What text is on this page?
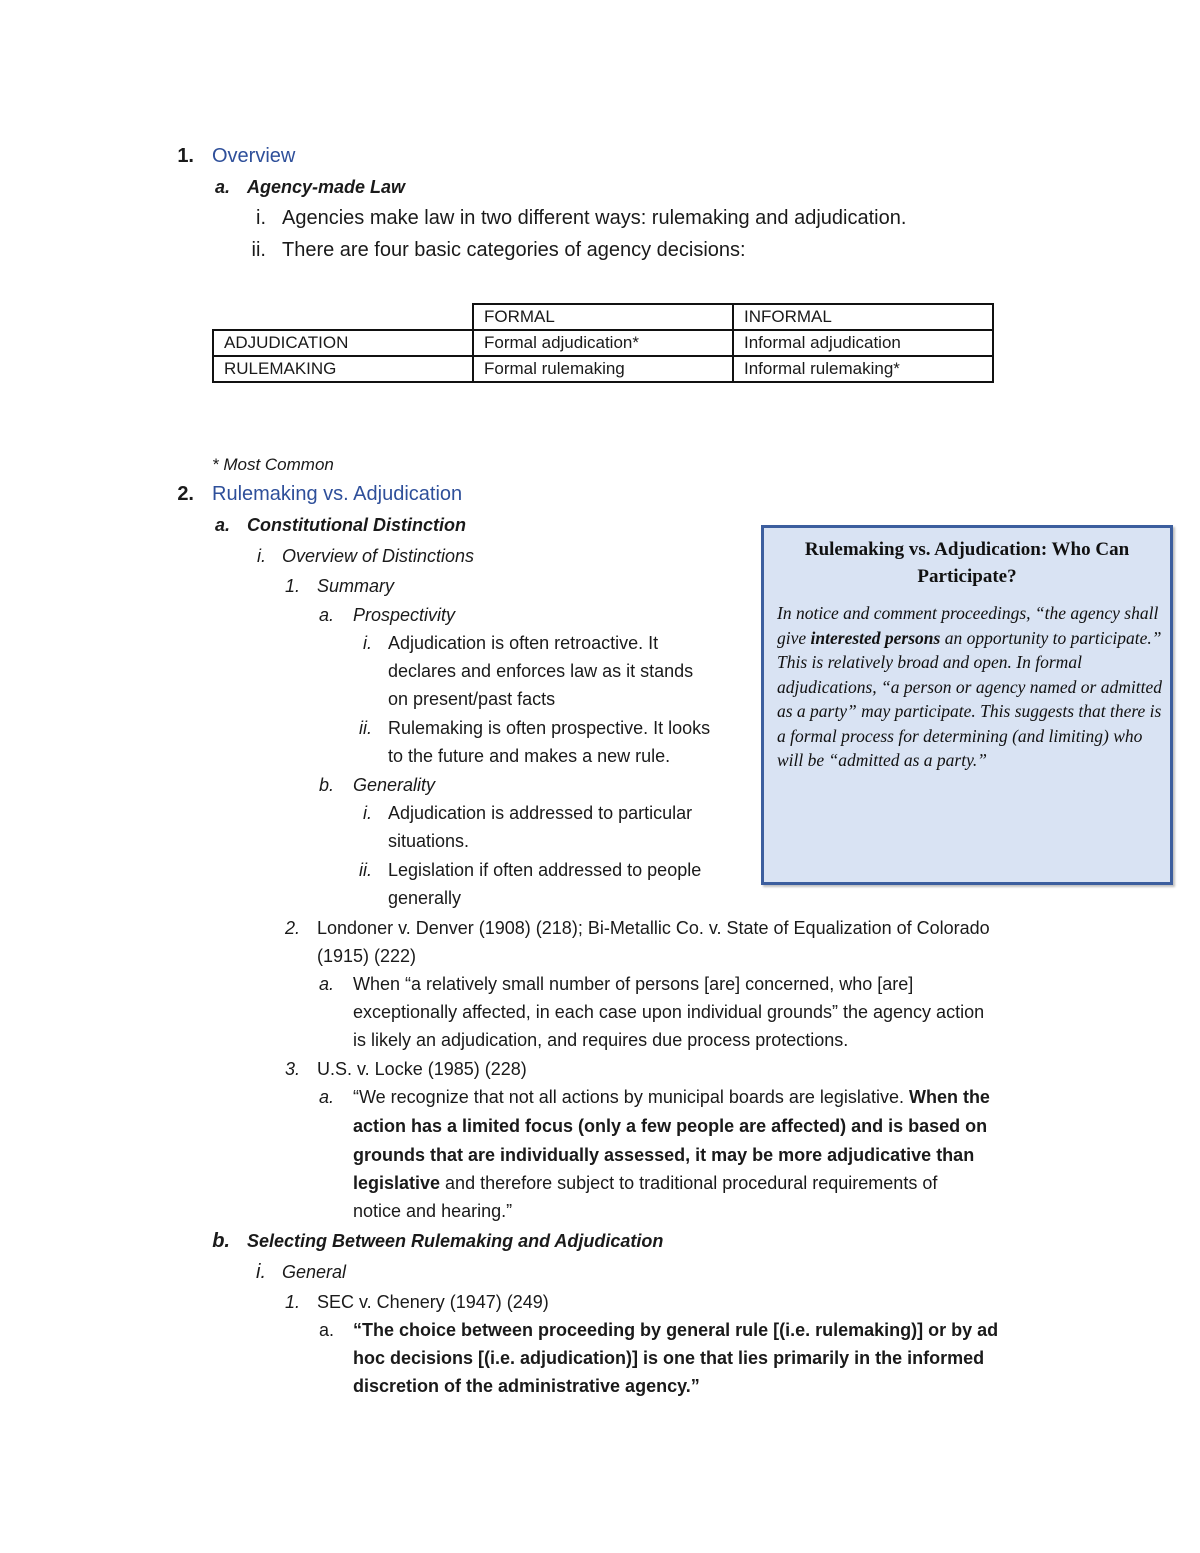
1. Overview
a. Agency-made Law
i. Agencies make law in two different ways: rulemaking and adjudication.
ii. There are four basic categories of agency decisions:
	FORMAL	INFORMAL
ADJUDICATION	Formal adjudication*	Informal adjudication
RULEMAKING	Formal rulemaking	Informal rulemaking*
* Most Common
2. Rulemaking vs. Adjudication
a. Constitutional Distinction
i. Overview of Distinctions
1. Summary
a. Prospectivity
i. Adjudication is often retroactive. It
declares and enforces law as it stands
on present/past facts
ii. Rulemaking is often prospective. It looks
to the future and makes a new rule.
b. Generality
i. Adjudication is addressed to particular
situations.
ii. Legislation if often addressed to people
generally
2. Londoner v. Denver (1908) (218); Bi-Metallic Co. v. State of Equalization of Colorado
(1915) (222)
a. When “a relatively small number of persons [are] concerned, who [are]
exceptionally affected, in each case upon individual grounds” the agency action
is likely an adjudication, and requires due process protections.
3. U.S. v. Locke (1985) (228)
a. “We recognize that not all actions by municipal boards are legislative. When the
action has a limited focus (only a few people are affected) and is based on
grounds that are individually assessed, it may be more adjudicative than
legislative and therefore subject to traditional procedural requirements of
notice and hearing.”
b. Selecting Between Rulemaking and Adjudication
i. General
1. SEC v. Chenery (1947) (249)
a. “The choice between proceeding by general rule [(i.e. rulemaking)] or by ad
hoc decisions [(i.e. adjudication)] is one that lies primarily in the informed
discretion of the administrative agency.”
Rulemaking vs. Adjudication: Who Can
Participate?
In notice and comment proceedings, “the agency shall give interested persons an opportunity to participate.” This is relatively broad and open. In formal adjudications, “a person or agency named or admitted as a party” may participate. This suggests that there is a formal process for determining (and limiting) who will be “admitted as a party.”
